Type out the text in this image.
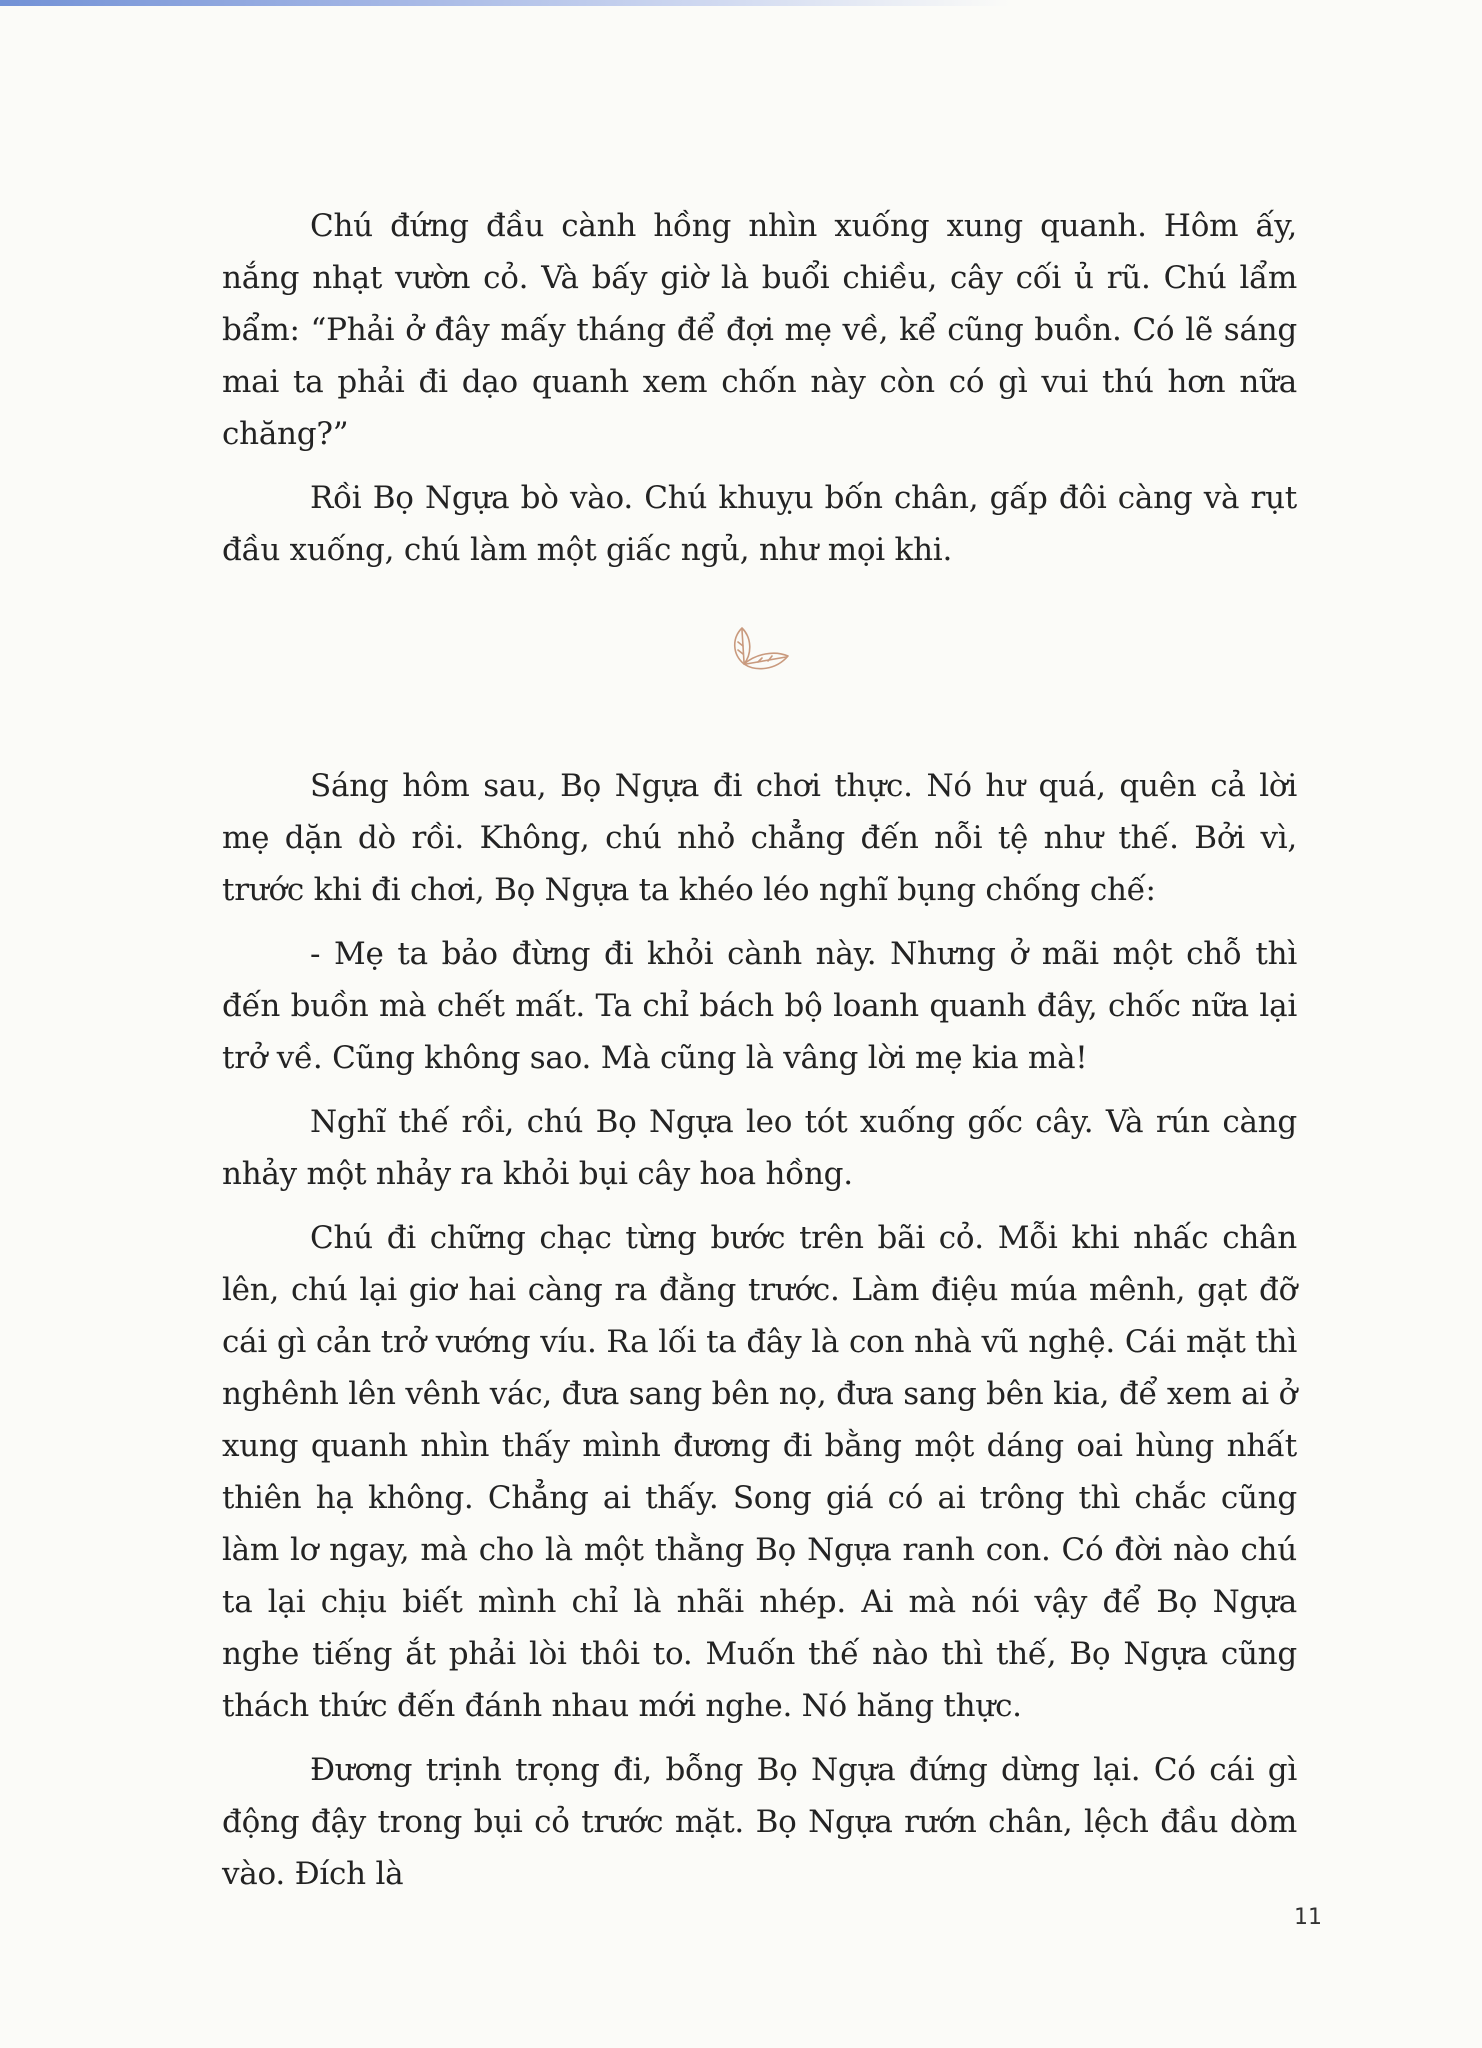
Chú đứng đầu cành hồng nhìn xuống xung quanh. Hôm ấy, nắng nhạt vườn cỏ. Và bấy giờ là buổi chiều, cây cối ủ rũ. Chú lẩm bẩm: “Phải ở đây mấy tháng để đợi mẹ về, kể cũng buồn. Có lẽ sáng mai ta phải đi dạo quanh xem chốn này còn có gì vui thú hơn nữa chăng?”

Rồi Bọ Ngựa bò vào. Chú khuỵu bốn chân, gấp đôi càng và rụt đầu xuống, chú làm một giấc ngủ, như mọi khi.

Sáng hôm sau, Bọ Ngựa đi chơi thực. Nó hư quá, quên cả lời mẹ dặn dò rồi. Không, chú nhỏ chẳng đến nỗi tệ như thế. Bởi vì, trước khi đi chơi, Bọ Ngựa ta khéo léo nghĩ bụng chống chế:

- Mẹ ta bảo đừng đi khỏi cành này. Nhưng ở mãi một chỗ thì đến buồn mà chết mất. Ta chỉ bách bộ loanh quanh đây, chốc nữa lại trở về. Cũng không sao. Mà cũng là vâng lời mẹ kia mà!

Nghĩ thế rồi, chú Bọ Ngựa leo tót xuống gốc cây. Và rún càng nhảy một nhảy ra khỏi bụi cây hoa hồng.

Chú đi chững chạc từng bước trên bãi cỏ. Mỗi khi nhấc chân lên, chú lại giơ hai càng ra đằng trước. Làm điệu múa mênh, gạt đỡ cái gì cản trở vướng víu. Ra lối ta đây là con nhà vũ nghệ. Cái mặt thì nghênh lên vênh vác, đưa sang bên nọ, đưa sang bên kia, để xem ai ở xung quanh nhìn thấy mình đương đi bằng một dáng oai hùng nhất thiên hạ không. Chẳng ai thấy. Song giá có ai trông thì chắc cũng làm lơ ngay, mà cho là một thằng Bọ Ngựa ranh con. Có đời nào chú ta lại chịu biết mình chỉ là nhãi nhép. Ai mà nói vậy để Bọ Ngựa nghe tiếng ắt phải lòi thôi to. Muốn thế nào thì thế, Bọ Ngựa cũng thách thức đến đánh nhau mới nghe. Nó hăng thực.

Đương trịnh trọng đi, bỗng Bọ Ngựa đứng dừng lại. Có cái gì động đậy trong bụi cỏ trước mặt. Bọ Ngựa rướn chân, lệch đầu dòm vào. Đích là

11
